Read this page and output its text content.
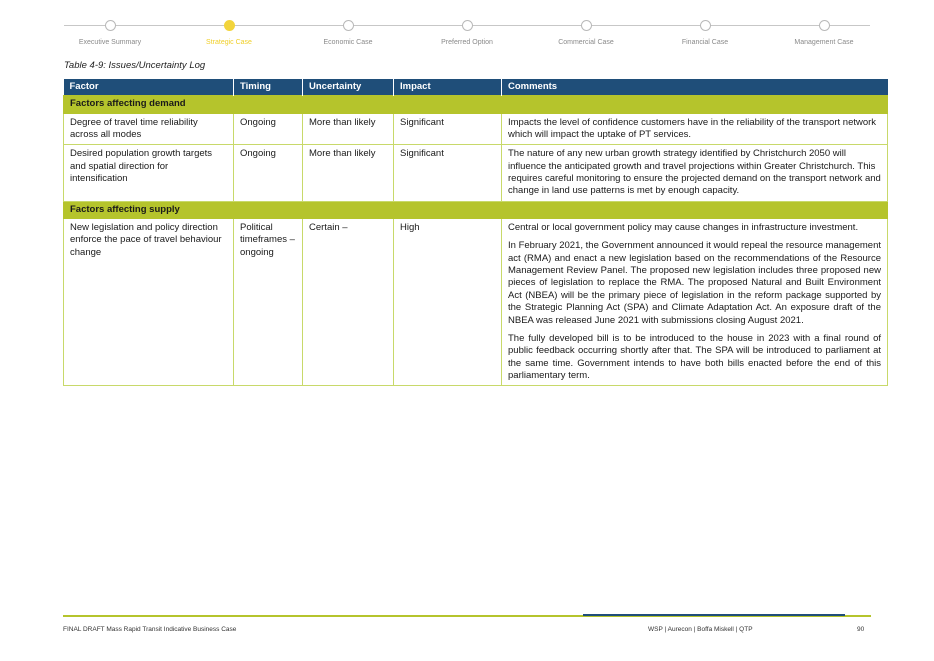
Executive Summary	Strategic Case	Economic Case	Preferred Option	Commercial Case	Financial Case	Management Case
Table 4-9: Issues/Uncertainty Log
Factor	Timing	Uncertainty	Impact	Comments
Factors affecting demand				
Degree of travel time reliability across all modes	Ongoing	More than likely	Significant	Impacts the level of confidence customers have in the reliability of the transport network which will impact the uptake of PT services.

Desired population growth targets and spatial direction for intensification	Ongoing	More than likely	Significant	The nature of any new urban growth strategy identified by Christchurch 2050 will influence the anticipated growth and travel projections within Greater Christchurch. This requires careful monitoring to ensure the projected demand on the transport network and change in land use patterns is met by enough capacity.

Factors affecting supply				
New legislation and policy direction enforce the pace of travel behaviour change	Political timeframes – ongoing	Certain –	High	Central or local government policy may cause changes in infrastructure investment.

In February 2021, the Government announced it would repeal the resource management act (RMA) and enact a new legislation based on the recommendations of the Resource Management Review Panel. The proposed new legislation includes three proposed new pieces of legislation to replace the RMA. The proposed Natural and Built Environment Act (NBEA) will be the primary piece of legislation in the reform package supported by the Strategic Planning Act (SPA) and Climate Adaptation Act. An exposure draft of the NBEA was released June 2021 with submissions closing August 2021.

The fully developed bill is to be introduced to the house in 2023 with a final round of public feedback occurring shortly after that. The SPA will be introduced to parliament at the same time. Government intends to have both bills enacted before the end of this parliamentary term.

FINAL DRAFT Mass Rapid Transit Indicative Business Case	WSP | Aurecon | Boffa Miskell | QTP	90
